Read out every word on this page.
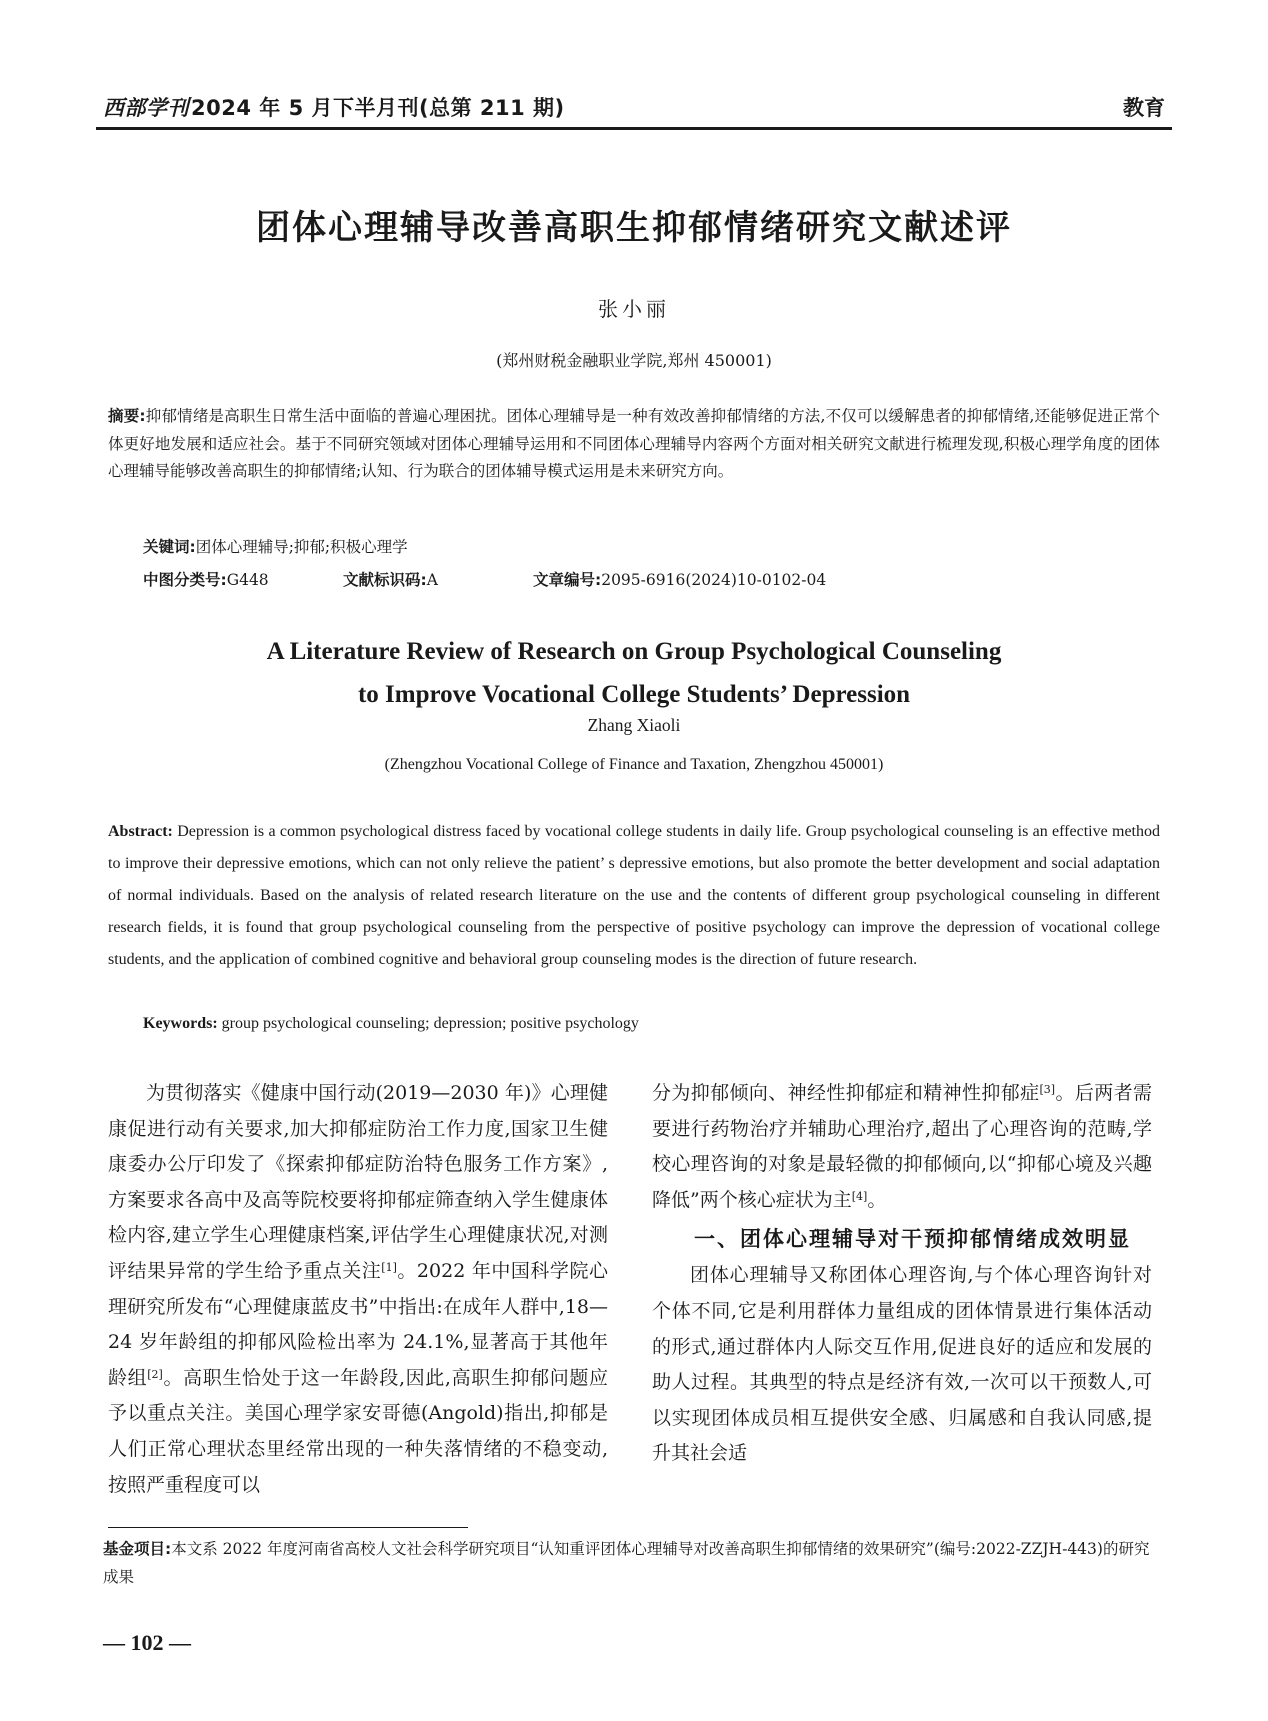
西部学刊2024 年 5 月下半月刊(总第 211 期)	教育
团体心理辅导改善高职生抑郁情绪研究文献述评
张小丽
(郑州财税金融职业学院,郑州 450001)
摘要:抑郁情绪是高职生日常生活中面临的普遍心理困扰。团体心理辅导是一种有效改善抑郁情绪的方法,不仅可以缓解患者的抑郁情绪,还能够促进正常个体更好地发展和适应社会。基于不同研究领域对团体心理辅导运用和不同团体心理辅导内容两个方面对相关研究文献进行梳理发现,积极心理学角度的团体心理辅导能够改善高职生的抑郁情绪;认知、行为联合的团体辅导模式运用是未来研究方向。
关键词:团体心理辅导;抑郁;积极心理学
中图分类号:G448	文献标识码:A	文章编号:2095-6916(2024)10-0102-04
A Literature Review of Research on Group Psychological Counseling
to Improve Vocational College Students’ Depression
Zhang Xiaoli
(Zhengzhou Vocational College of Finance and Taxation, Zhengzhou 450001)
Abstract: Depression is a common psychological distress faced by vocational college students in daily life. Group psychological counseling is an effective method to improve their depressive emotions, which can not only relieve the patient’ s depressive emotions, but also promote the better development and social adaptation of normal individuals. Based on the analysis of related research literature on the use and the contents of different group psychological counseling in different research fields, it is found that group psychological counseling from the perspective of positive psychology can improve the depression of vocational college students, and the application of combined cognitive and behavioral group counseling modes is the direction of future research.
Keywords: group psychological counseling; depression; positive psychology

为贯彻落实《健康中国行动(2019—2030 年)》心理健康促进行动有关要求,加大抑郁症防治工作力度,国家卫生健康委办公厅印发了《探索抑郁症防治特色服务工作方案》,方案要求各高中及高等院校要将抑郁症筛查纳入学生健康体检内容,建立学生心理健康档案,评估学生心理健康状况,对测评结果异常的学生给予重点关注[1]。2022 年中国科学院心理研究所发布“心理健康蓝皮书”中指出:在成年人群中,18—24 岁年龄组的抑郁风险检出率为 24.1%,显著高于其他年龄组[2]。高职生恰处于这一年龄段,因此,高职生抑郁问题应予以重点关注。美国心理学家安哥德(Angold)指出,抑郁是人们正常心理状态里经常出现的一种失落情绪的不稳变动,按照严重程度可以

分为抑郁倾向、神经性抑郁症和精神性抑郁症[3]。后两者需要进行药物治疗并辅助心理治疗,超出了心理咨询的范畴,学校心理咨询的对象是最轻微的抑郁倾向,以“抑郁心境及兴趣降低”两个核心症状为主[4]。

一、团体心理辅导对干预抑郁情绪成效明显

团体心理辅导又称团体心理咨询,与个体心理咨询针对个体不同,它是利用群体力量组成的团体情景进行集体活动的形式,通过群体内人际交互作用,促进良好的适应和发展的助人过程。其典型的特点是经济有效,一次可以干预数人,可以实现团体成员相互提供安全感、归属感和自我认同感,提升其社会适

基金项目:本文系 2022 年度河南省高校人文社会科学研究项目“认知重评团体心理辅导对改善高职生抑郁情绪的效果研究”(编号:2022-ZZJH-443)的研究成果
— 102 —
